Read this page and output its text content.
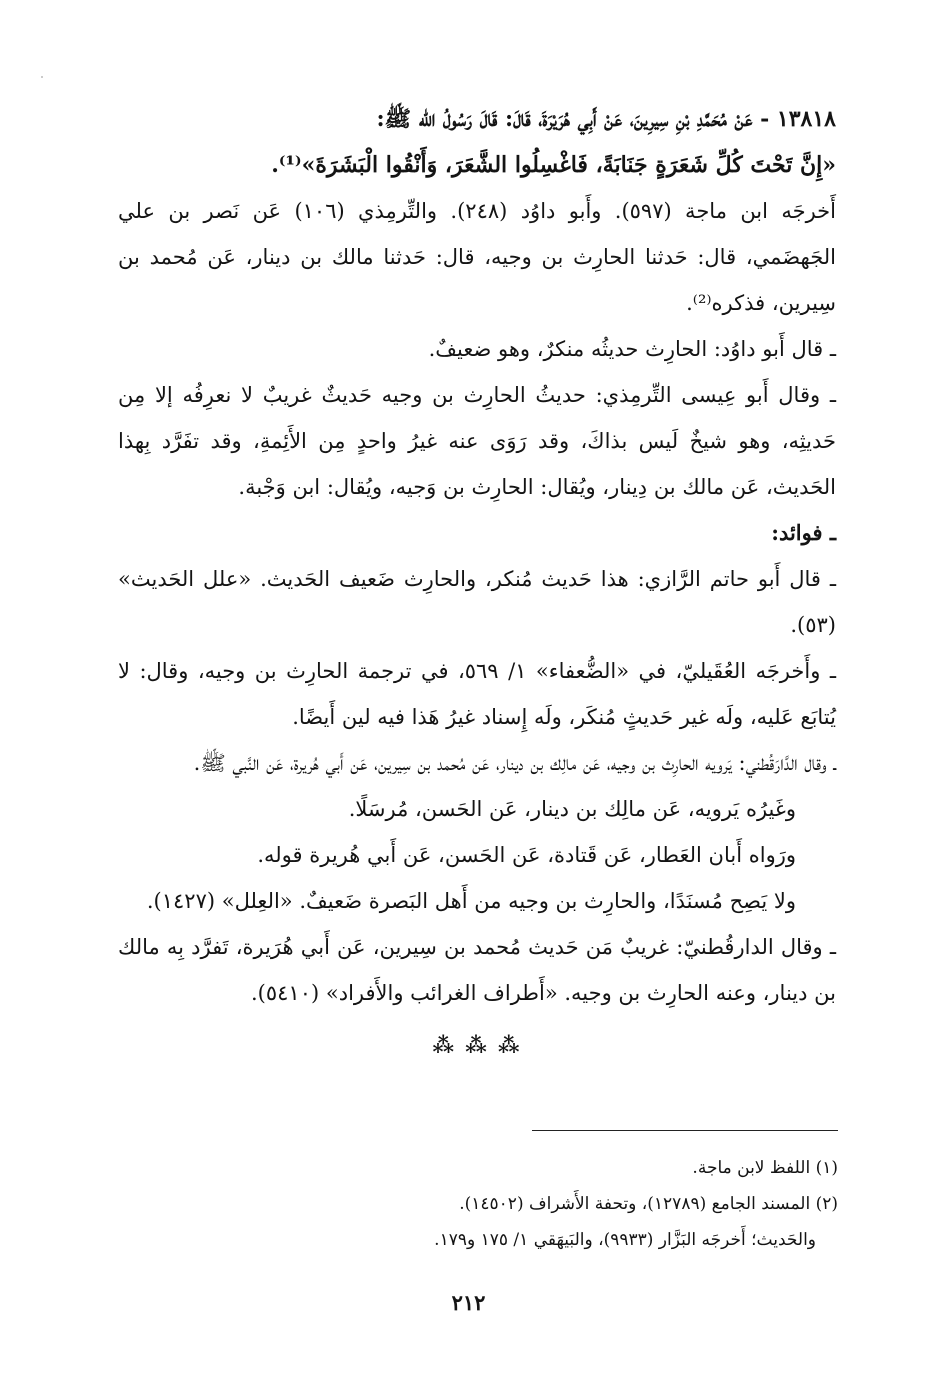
١٣٨١٨ - عَنْ مُحَمَّدِ بْنِ سِيرِينَ، عَنْ أَبِي هُرَيْرَةَ، قَالَ: قَالَ رَسُولُ الله ﷺ:

«إِنَّ تَحْتَ كُلِّ شَعَرَةٍ جَنَابَةً، فَاغْسِلُوا الشَّعَرَ، وَأَنْقُوا الْبَشَرَةَ»⁽¹⁾.

أَخرجَه ابن ماجة (٥٩٧). وأَبو داوُد (٢٤٨). والتِّرمِذي (١٠٦) عَن نَصر بن علي الجَهضَمي، قال: حَدثنا الحارِث بن وجيه، قال: حَدثنا مالك بن دينار، عَن مُحمد بن سِيرين، فذكره⁽²⁾.

ـ قال أَبو داوُد: الحارِث حديثُه منكرٌ، وهو ضعيفٌ.

ـ وقال أَبو عِيسى التِّرمِذي: حديثُ الحارِث بن وجيه حَديثٌ غريبٌ لا نعرِفُه إلا مِن حَديثِه، وهو شيخٌ لَيس بذاكَ، وقد رَوَى عنه غيرُ واحدٍ مِن الأَئِمةِ، وقد تفَرَّد بِهذا الحَديث، عَن مالك بن دِينار، ويُقال: الحارِث بن وَجيه، ويُقال: ابن وَجْبة.

ـ فوائد:

ـ قال أَبو حاتم الرَّازي: هذا حَديث مُنكر، والحارِث ضَعيف الحَديث. «علل الحَديث» (٥٣).

ـ وأَخرجَه العُقَيليّ، في «الضُّعفاء» ١/ ٥٦٩، في ترجمة الحارِث بن وجيه، وقال: لا يُتابَع عَليه، ولَه غير حَديثٍ مُنكَر، ولَه إِسناد غيرُ هَذا فيه لين أَيضًا.

ـ وقال الدَّارَقُطني: يَرويه الحارِث بن وجيه، عَن مالِك بن دينار، عَن مُحمد بن سِيرين، عَن أَبي هُريرة، عَن النَّبي ﷺ.

وغَيرُه يَرويه، عَن مالِك بن دينار، عَن الحَسن، مُرسَلًا.

ورَواه أَبان العَطار، عَن قَتادة، عَن الحَسن، عَن أَبي هُريرة قوله.

ولا يَصِح مُسنَدًا، والحارِث بن وجيه من أَهل البَصرة ضَعيفٌ. «العِلل» (١٤٢٧).

ـ وقال الدارقُطنيّ: غريبٌ مَن حَديث مُحمد بن سِيرين، عَن أَبي هُرَيرة، تَفرَّد بِه مالك بن دينار، وعنه الحارِث بن وجيه. «أَطراف الغرائب والأَفراد» (٥٤١٠).

⁂ ⁂ ⁂

(١) اللفظ لابن ماجة.

(٢) المسند الجامع (١٢٧٨٩)، وتحفة الأَشراف (١٤٥٠٢).

والحَديث؛ أَخرجَه البَزَّار (٩٩٣٣)، والبَيهَقي ١/ ١٧٥ و١٧٩.

٢١٢
